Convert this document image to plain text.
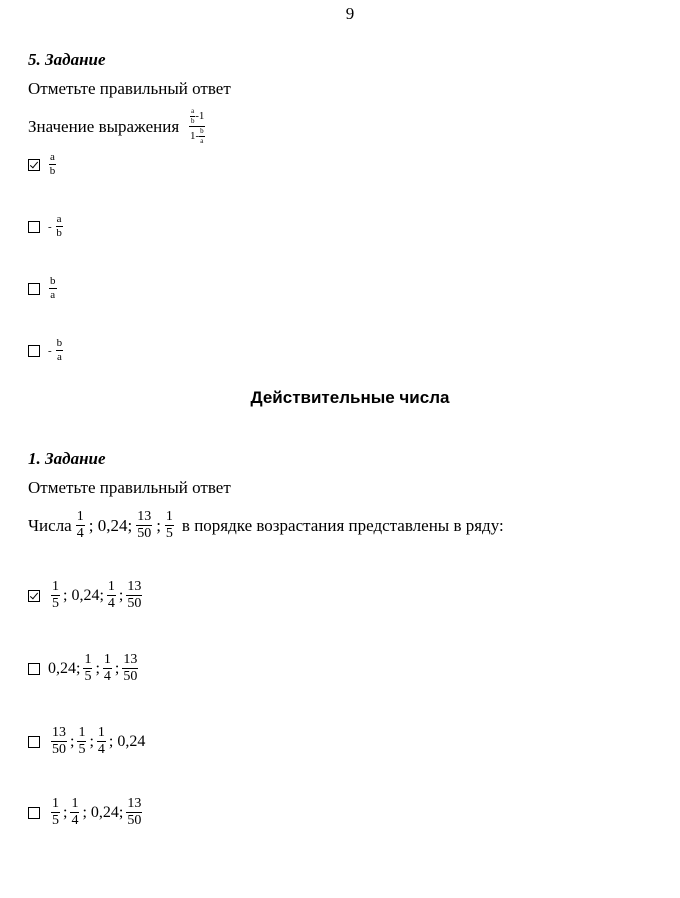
9
5. Задание
Отметьте правильный ответ
Значение выражения $\frac{\frac{a}{b} -1}{1- \frac{b}{a}}$
$\frac{a}{b}$
- $\frac{a}{b}$
$\frac{b}{a}$
- $\frac{b}{a}$
Действительные числа
1. Задание
Отметьте правильный ответ
Числа $\frac{1}{4}$ ; 0,24; $\frac{13}{50}$ ; $\frac{1}{5}$ в порядке возрастания представлены в ряду:
$\frac{1}{5}$ ; 0,24; $\frac{1}{4}$ ; $\frac{13}{50}$
0,24; $\frac{1}{5}$ ; $\frac{1}{4}$ ; $\frac{13}{50}$
$\frac{13}{50}$ ; $\frac{1}{5}$ ; $\frac{1}{4}$ ; 0,24
$\frac{1}{5}$ ; $\frac{1}{4}$ ; 0,24; $\frac{13}{50}$
